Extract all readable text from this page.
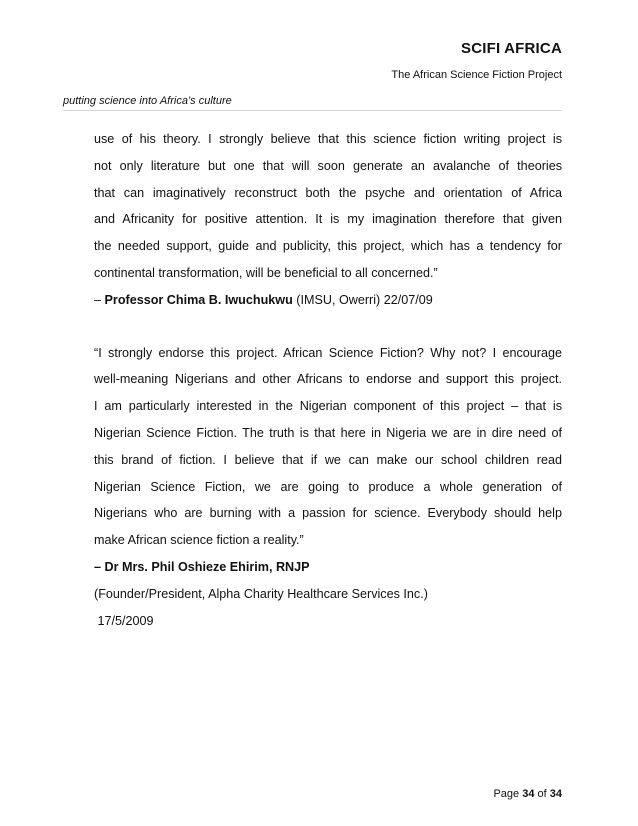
SCIFI AFRICA
The African Science Fiction Project
putting science into Africa’s culture
use of his theory. I strongly believe that this science fiction writing project is
not only literature but one that will soon generate an avalanche of theories
that can imaginatively reconstruct both the psyche and orientation of Africa
and Africanity for positive attention. It is my imagination therefore that given
the needed support, guide and publicity, this project, which has a tendency for
continental transformation, will be beneficial to all concerned.”
– Professor Chima B. Iwuchukwu (IMSU, Owerri) 22/07/09
“I strongly endorse this project. African Science Fiction? Why not? I encourage
well-meaning Nigerians and other Africans to endorse and support this project.
I am particularly interested in the Nigerian component of this project – that is
Nigerian Science Fiction. The truth is that here in Nigeria we are in dire need of
this brand of fiction. I believe that if we can make our school children read
Nigerian Science Fiction, we are going to produce a whole generation of
Nigerians who are burning with a passion for science. Everybody should help
make African science fiction a reality.”
– Dr Mrs. Phil Oshieze Ehirim, RNJP
(Founder/President, Alpha Charity Healthcare Services Inc.)
17/5/2009
Page 34 of 34
